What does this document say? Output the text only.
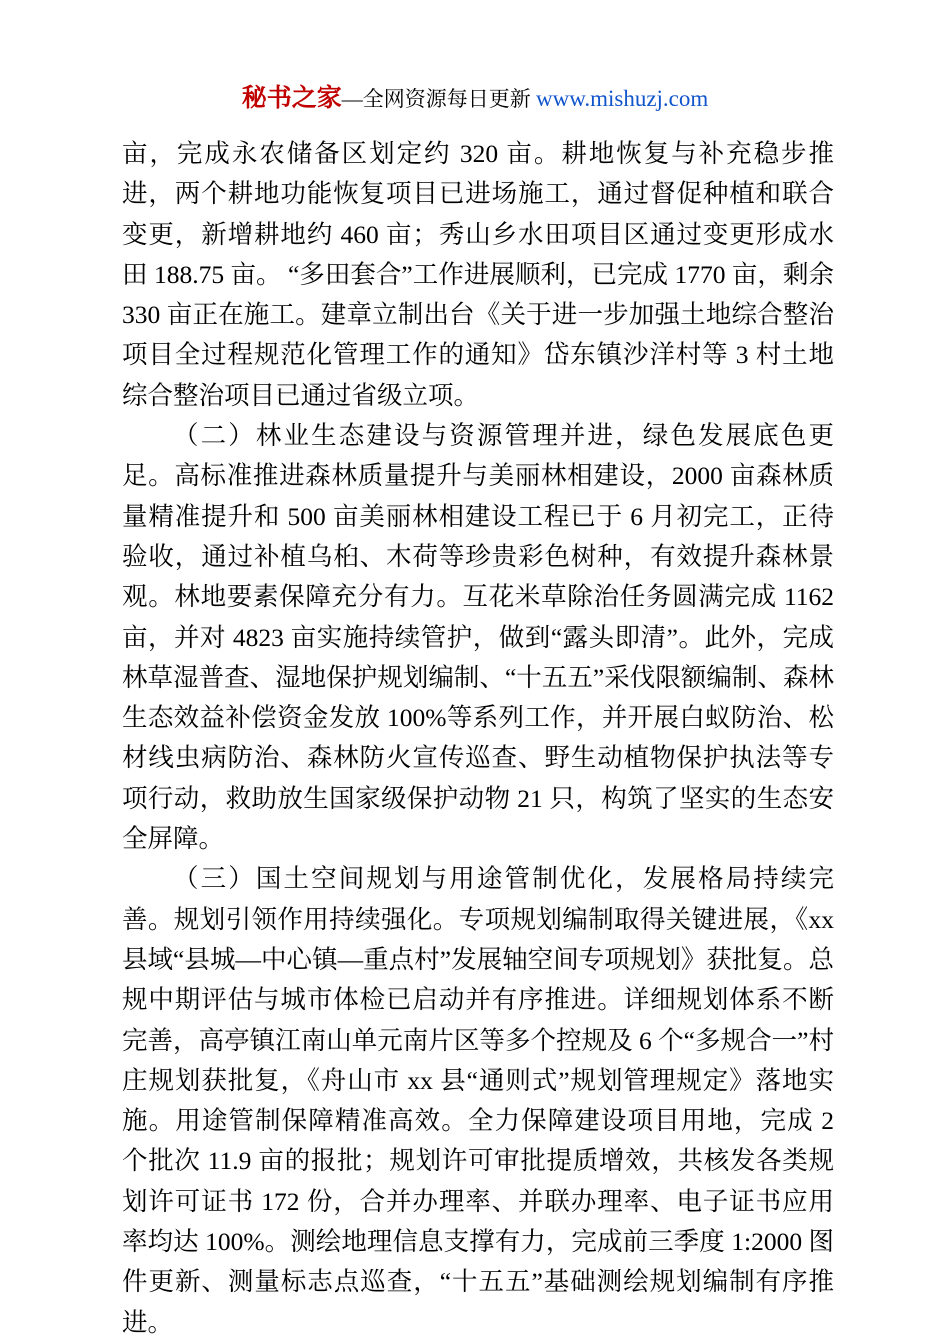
秘书之家—全网资源每日更新 www.mishuzj.com

亩，完成永农储备区划定约 320 亩。耕地恢复与补充稳步推进，两个耕地功能恢复项目已进场施工，通过督促种植和联合变更，新增耕地约 460 亩；秀山乡水田项目区通过变更形成水田 188.75 亩。 “多田套合”工作进展顺利，已完成 1770 亩，剩余 330 亩正在施工。建章立制出台《关于进一步加强土地综合整治项目全过程规范化管理工作的通知》岱东镇沙洋村等 3 村土地综合整治项目已通过省级立项。

（二）林业生态建设与资源管理并进，绿色发展底色更足。高标准推进森林质量提升与美丽林相建设，2000 亩森林质量精准提升和 500 亩美丽林相建设工程已于 6 月初完工，正待验收，通过补植乌桕、木荷等珍贵彩色树种，有效提升森林景观。林地要素保障充分有力。互花米草除治任务圆满完成 1162 亩，并对 4823 亩实施持续管护，做到“露头即清”。此外，完成林草湿普查、湿地保护规划编制、“十五五”采伐限额编制、森林生态效益补偿资金发放 100%等系列工作，并开展白蚁防治、松材线虫病防治、森林防火宣传巡查、野生动植物保护执法等专项行动，救助放生国家级保护动物 21 只，构筑了坚实的生态安全屏障。

（三）国土空间规划与用途管制优化，发展格局持续完善。规划引领作用持续强化。专项规划编制取得关键进展，《xx 县域“县城—中心镇—重点村”发展轴空间专项规划》获批复。总规中期评估与城市体检已启动并有序推进。详细规划体系不断完善，高亭镇江南山单元南片区等多个控规及 6 个“多规合一”村庄规划获批复，《舟山市 xx 县“通则式”规划管理规定》落地实施。用途管制保障精准高效。全力保障建设项目用地，完成 2 个批次 11.9 亩的报批；规划许可审批提质增效，共核发各类规划许可证书 172 份，合并办理率、并联办理率、电子证书应用率均达 100%。测绘地理信息支撑有力，完成前三季度 1:2000 图件更新、测量标志点巡查，“十五五”基础测绘规划编制有序推进。
